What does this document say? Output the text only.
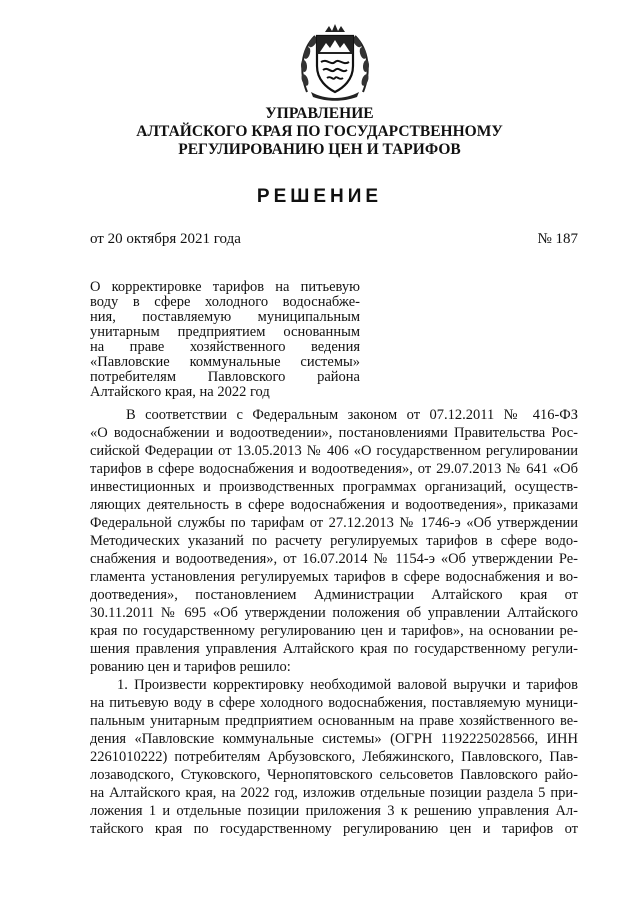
УПРАВЛЕНИЕ
АЛТАЙСКОГО КРАЯ ПО ГОСУДАРСТВЕННОМУ
РЕГУЛИРОВАНИЮ ЦЕН И ТАРИФОВ
РЕШЕНИЕ
от 20 октября 2021 года	№ 187
О корректировке тарифов на питьевую
воду в сфере холодного водоснабже-
ния, поставляемую муниципальным
унитарным предприятием основанным
на праве хозяйственного ведения
«Павловские коммунальные системы»
потребителям Павловского района
Алтайского края, на 2022 год
В соответствии с Федеральным законом от 07.12.2011 № 416-ФЗ
«О водоснабжении и водоотведении», постановлениями Правительства Рос-
сийской Федерации от 13.05.2013 № 406 «О государственном регулировании
тарифов в сфере водоснабжения и водоотведения», от 29.07.2013 № 641 «Об
инвестиционных и производственных программах организаций, осуществ-
ляющих деятельность в сфере водоснабжения и водоотведения», приказами
Федеральной службы по тарифам от 27.12.2013 № 1746-э «Об утверждении
Методических указаний по расчету регулируемых тарифов в сфере водо-
снабжения и водоотведения», от 16.07.2014 № 1154-э «Об утверждении Ре-
гламента установления регулируемых тарифов в сфере водоснабжения и во-
доотведения», постановлением Администрации Алтайского края от
30.11.2011 № 695 «Об утверждении положения об управлении Алтайского
края по государственному регулированию цен и тарифов», на основании ре-
шения правления управления Алтайского края по государственному регули-
рованию цен и тарифов решило:
1. Произвести корректировку необходимой валовой выручки и тарифов
на питьевую воду в сфере холодного водоснабжения, поставляемую муници-
пальным унитарным предприятием основанным на праве хозяйственного ве-
дения «Павловские коммунальные системы» (ОГРН 1192225028566, ИНН
2261010222) потребителям Арбузовского, Лебяжинского, Павловского, Пав-
лозаводского, Стуковского, Чернопятовского сельсоветов Павловского райо-
на Алтайского края, на 2022 год, изложив отдельные позиции раздела 5 при-
ложения 1 и отдельные позиции приложения 3 к решению управления Ал-
тайского края по государственному регулированию цен и тарифов от
